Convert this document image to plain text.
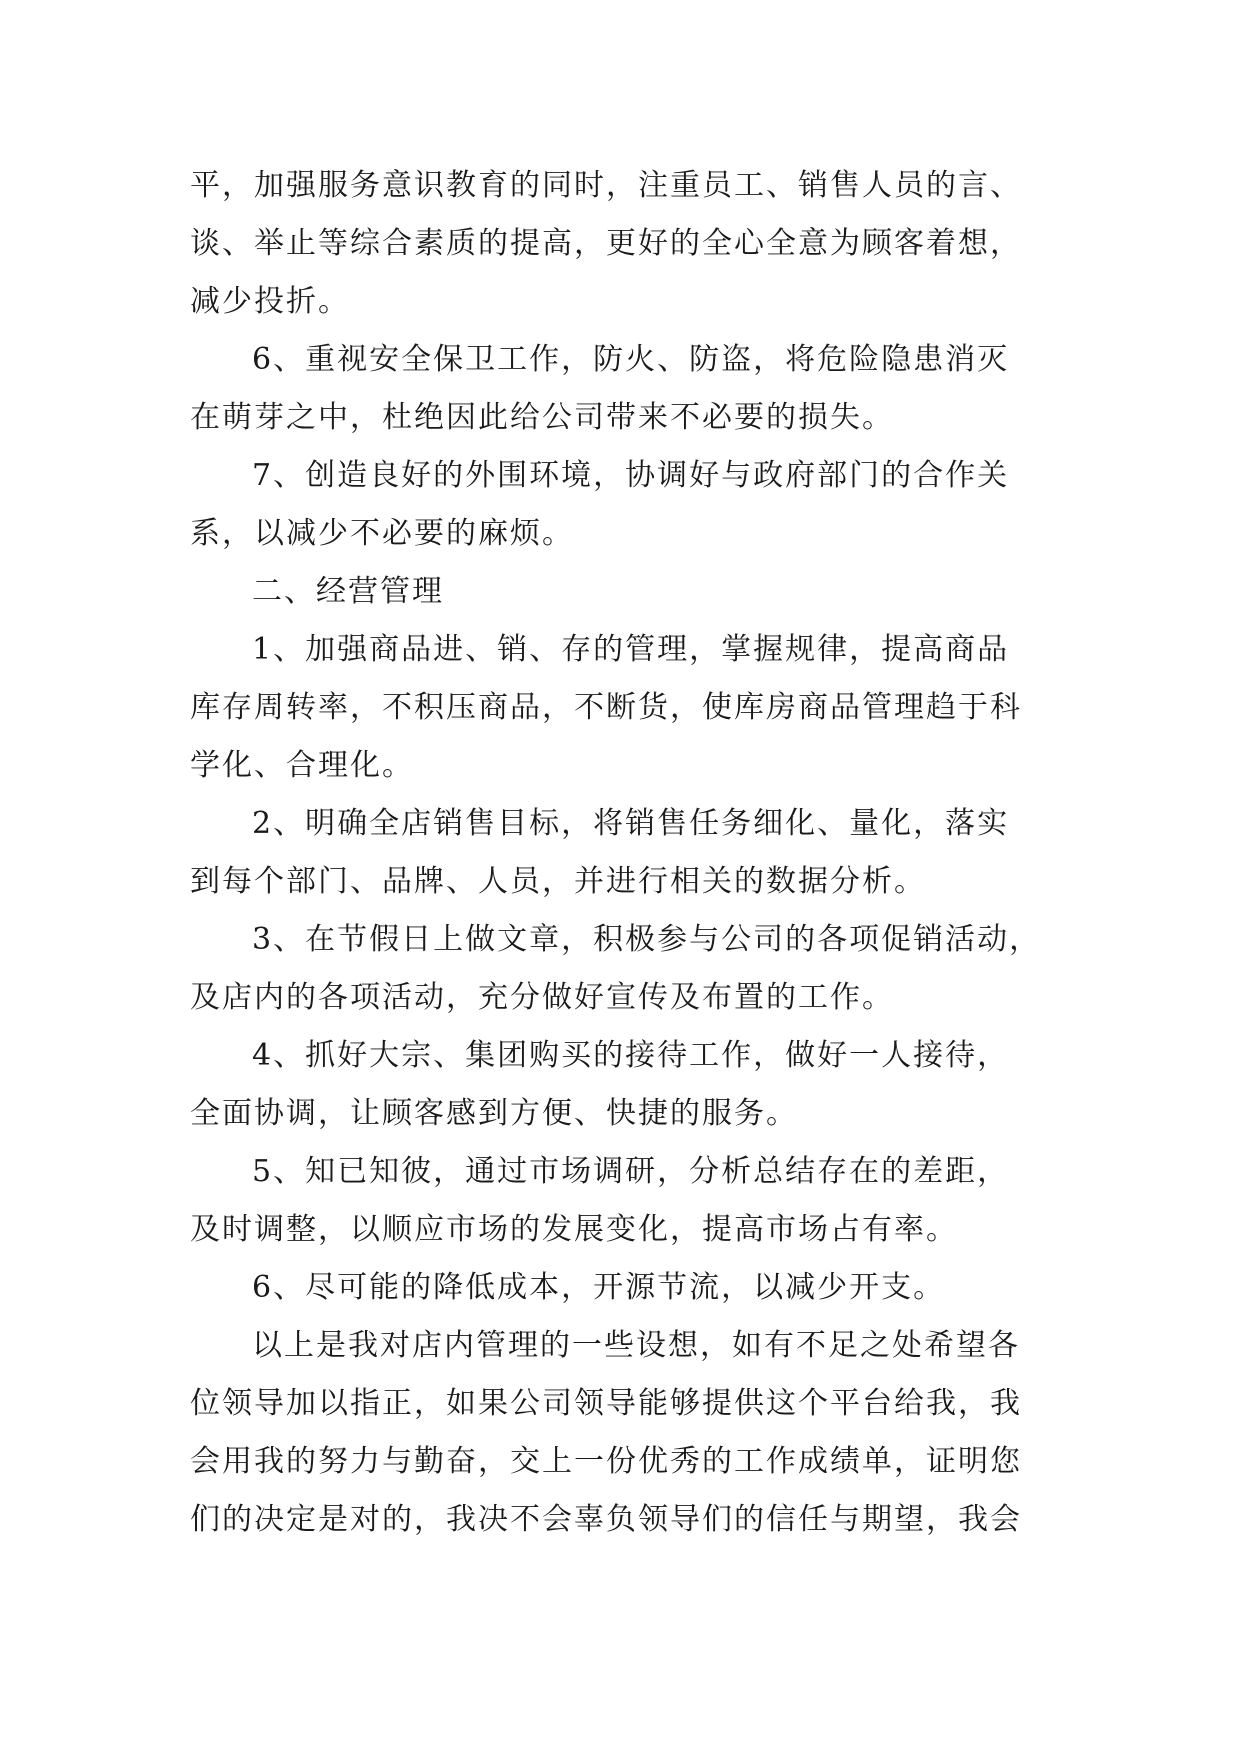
平，加强服务意识教育的同时，注重员工、销售人员的言、
谈、举止等综合素质的提高，更好的全心全意为顾客着想，
减少投折。
6、重视安全保卫工作，防火、防盗，将危险隐患消灭
在萌芽之中，杜绝因此给公司带来不必要的损失。
7、创造良好的外围环境，协调好与政府部门的合作关
系，以减少不必要的麻烦。
二、经营管理
1、加强商品进、销、存的管理，掌握规律，提高商品
库存周转率，不积压商品，不断货，使库房商品管理趋于科
学化、合理化。
2、明确全店销售目标，将销售任务细化、量化，落实
到每个部门、品牌、人员，并进行相关的数据分析。
3、在节假日上做文章，积极参与公司的各项促销活动，
及店内的各项活动，充分做好宣传及布置的工作。
4、抓好大宗、集团购买的接待工作，做好一人接待，
全面协调，让顾客感到方便、快捷的服务。
5、知已知彼，通过市场调研，分析总结存在的差距，
及时调整，以顺应市场的发展变化，提高市场占有率。
6、尽可能的降低成本，开源节流，以减少开支。
以上是我对店内管理的一些设想，如有不足之处希望各
位领导加以指正，如果公司领导能够提供这个平台给我，我
会用我的努力与勤奋，交上一份优秀的工作成绩单，证明您
们的决定是对的，我决不会辜负领导们的信任与期望，我会
